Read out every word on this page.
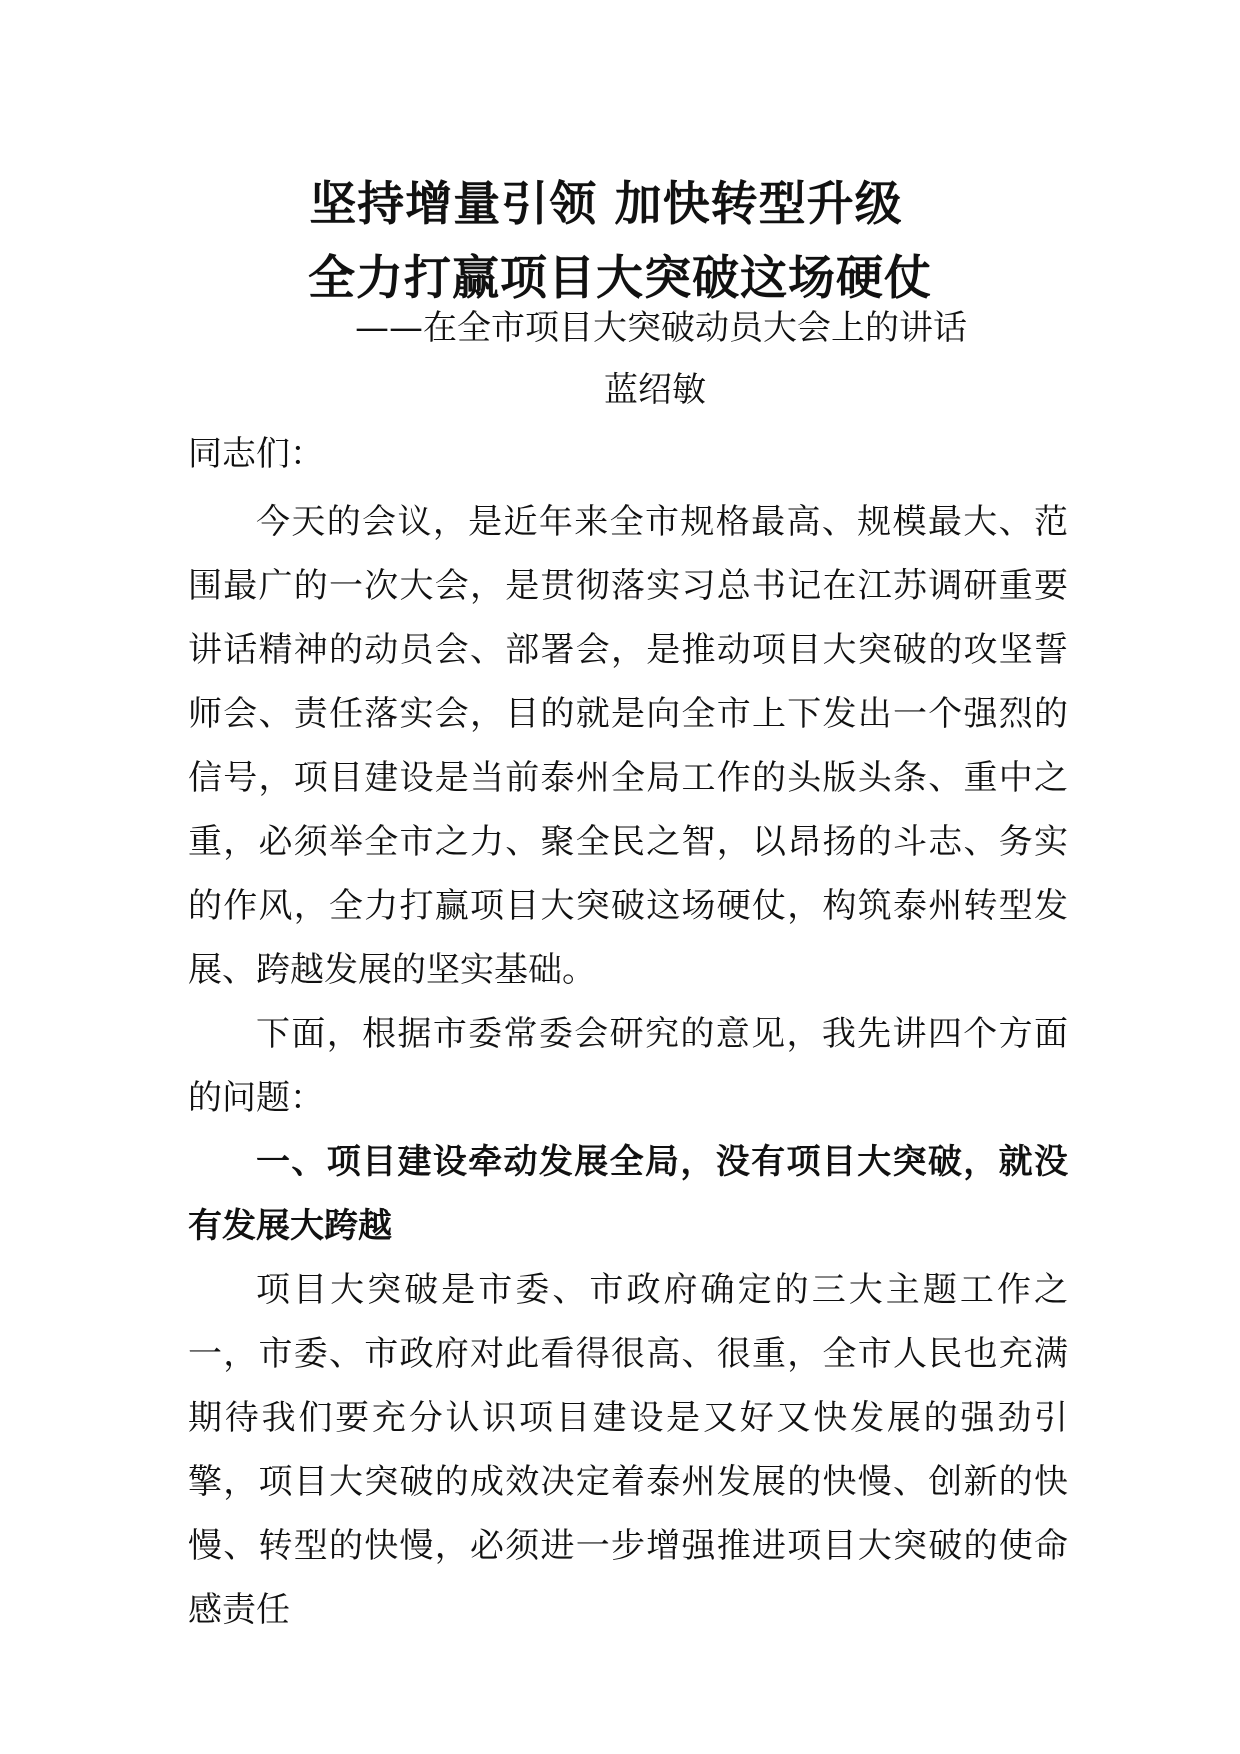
坚持增量引领 加快转型升级
全力打赢项目大突破这场硬仗
——在全市项目大突破动员大会上的讲话
蓝绍敏
同志们：

今天的会议，是近年来全市规格最高、规模最大、范围最广的一次大会，是贯彻落实习总书记在江苏调研重要讲话精神的动员会、部署会，是推动项目大突破的攻坚誓师会、责任落实会，目的就是向全市上下发出一个强烈的信号，项目建设是当前泰州全局工作的头版头条、重中之重，必须举全市之力、聚全民之智，以昂扬的斗志、务实的作风，全力打赢项目大突破这场硬仗，构筑泰州转型发展、跨越发展的坚实基础。

下面，根据市委常委会研究的意见，我先讲四个方面的问题：

一、项目建设牵动发展全局，没有项目大突破，就没有发展大跨越

项目大突破是市委、市政府确定的三大主题工作之一，市委、市政府对此看得很高、很重，全市人民也充满期待我们要充分认识项目建设是又好又快发展的强劲引擎，项目大突破的成效决定着泰州发展的快慢、创新的快慢、转型的快慢，必须进一步增强推进项目大突破的使命感责任
